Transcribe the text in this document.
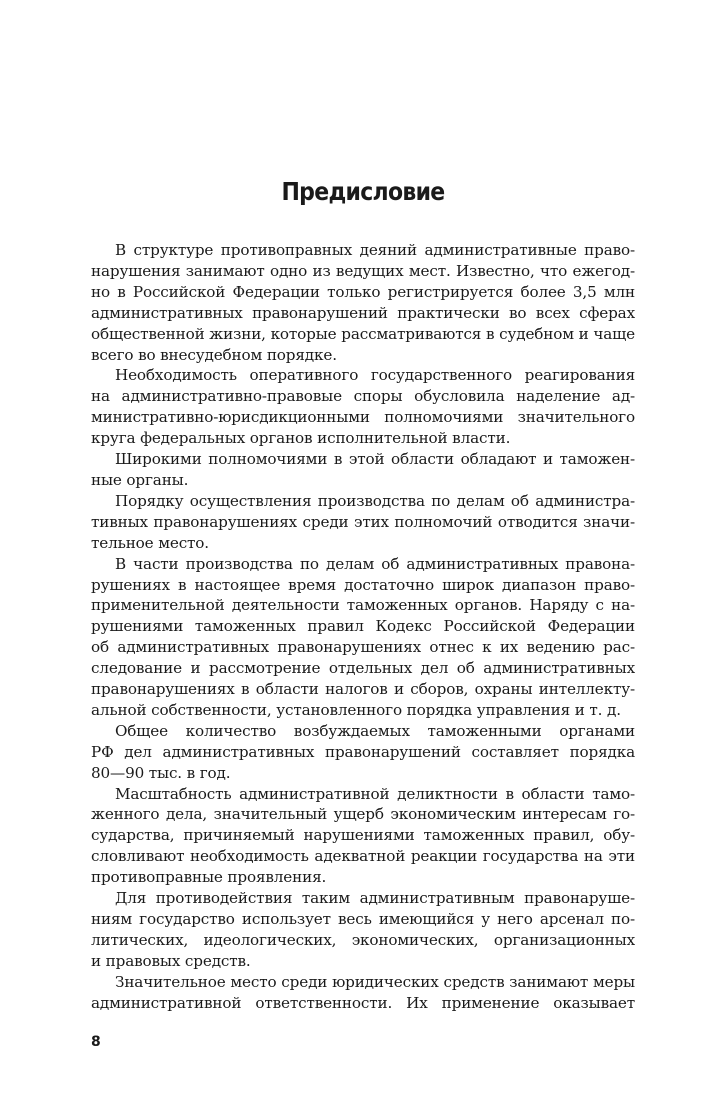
Предисловие

В структуре противоправных деяний административные право-
нарушения занимают одно из ведущих мест. Известно, что ежегод-
но в Российской Федерации только регистрируется более 3,5 млн
административных правонарушений практически во всех сферах
общественной жизни, которые рассматриваются в судебном и чаще
всего во внесудебном порядке.

Необходимость оперативного государственного реагирования
на административно-правовые споры обусловила наделение ад-
министративно-юрисдикционными полномочиями значительного
круга федеральных органов исполнительной власти.

Широкими полномочиями в этой области обладают и таможен-
ные органы.

Порядку осуществления производства по делам об администра-
тивных правонарушениях среди этих полномочий отводится значи-
тельное место.

В части производства по делам об административных правона-
рушениях в настоящее время достаточно широк диапазон право-
применительной деятельности таможенных органов. Наряду с на-
рушениями таможенных правил Кодекс Российской Федерации
об административных правонарушениях отнес к их ведению рас-
следование и рассмотрение отдельных дел об административных
правонарушениях в области налогов и сборов, охраны интеллекту-
альной собственности, установленного порядка управления и т. д.

Общее количество возбуждаемых таможенными органами
РФ дел административных правонарушений составляет порядка
80—90 тыс. в год.

Масштабность административной деликтности в области тамо-
женного дела, значительный ущерб экономическим интересам го-
сударства, причиняемый нарушениями таможенных правил, обу-
словливают необходимость адекватной реакции государства на эти
противоправные проявления.

Для противодействия таким административным правонаруше-
ниям государство использует весь имеющийся у него арсенал по-
литических, идеологических, экономических, организационных
и правовых средств.

Значительное место среди юридических средств занимают меры
административной ответственности. Их применение оказывает

8
